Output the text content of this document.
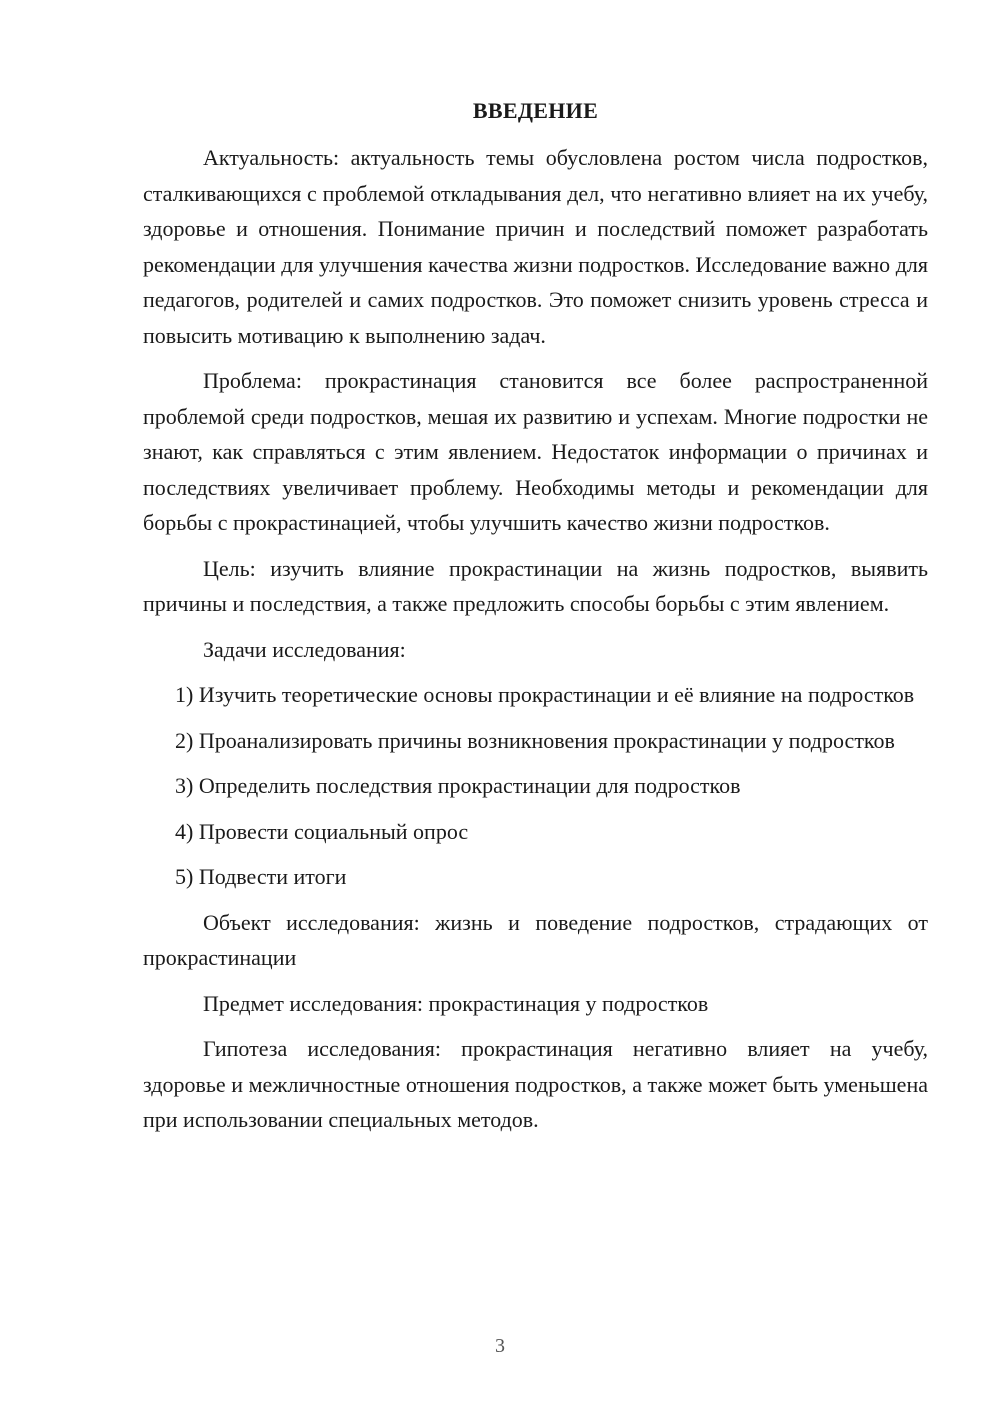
ВВЕДЕНИЕ

Актуальность: актуальность темы обусловлена ростом числа подростков, сталкивающихся с проблемой откладывания дел, что негативно влияет на их учебу, здоровье и отношения. Понимание причин и последствий поможет разработать рекомендации для улучшения качества жизни подростков. Исследование важно для педагогов, родителей и самих подростков. Это поможет снизить уровень стресса и повысить мотивацию к выполнению задач.

Проблема: прокрастинация становится все более распространенной проблемой среди подростков, мешая их развитию и успехам. Многие подростки не знают, как справляться с этим явлением. Недостаток информации о причинах и последствиях увеличивает проблему. Необходимы методы и рекомендации для борьбы с прокрастинацией, чтобы улучшить качество жизни подростков.

Цель: изучить влияние прокрастинации на жизнь подростков, выявить причины и последствия, а также предложить способы борьбы с этим явлением.

Задачи исследования:

1) Изучить теоретические основы прокрастинации и её влияние на подростков

2) Проанализировать причины возникновения прокрастинации у подростков

3) Определить последствия прокрастинации для подростков

4) Провести социальный опрос

5) Подвести итоги

Объект исследования: жизнь и поведение подростков, страдающих от прокрастинации

Предмет исследования: прокрастинация у подростков

Гипотеза исследования: прокрастинация негативно влияет на учебу, здоровье и межличностные отношения подростков, а также может быть уменьшена при использовании специальных методов.

3
